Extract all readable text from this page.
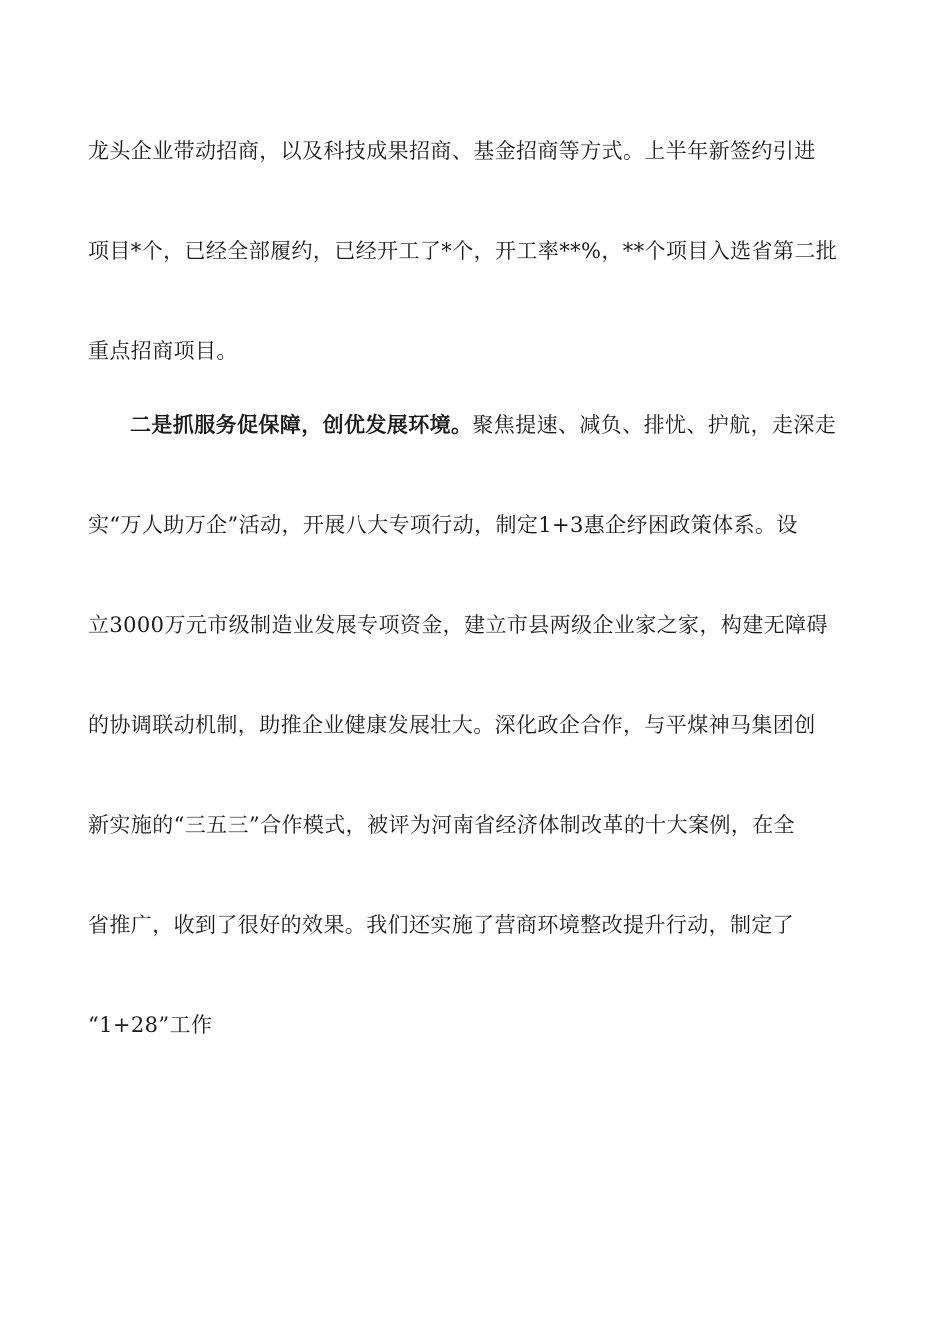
龙头企业带动招商，以及科技成果招商、基金招商等方式。上半年新签约引进
项目*个，已经全部履约，已经开工了*个，开工率**%，**个项目入选省第二批
重点招商项目。
二是抓服务促保障，创优发展环境。聚焦提速、减负、排忧、护航，走深走
实“万人助万企”活动，开展八大专项行动，制定1+3惠企纾困政策体系。设
立3000万元市级制造业发展专项资金，建立市县两级企业家之家，构建无障碍
的协调联动机制，助推企业健康发展壮大。深化政企合作，与平煤神马集团创
新实施的“三五三”合作模式，被评为河南省经济体制改革的十大案例，在全
省推广，收到了很好的效果。我们还实施了营商环境整改提升行动，制定了
“1+28”工作
